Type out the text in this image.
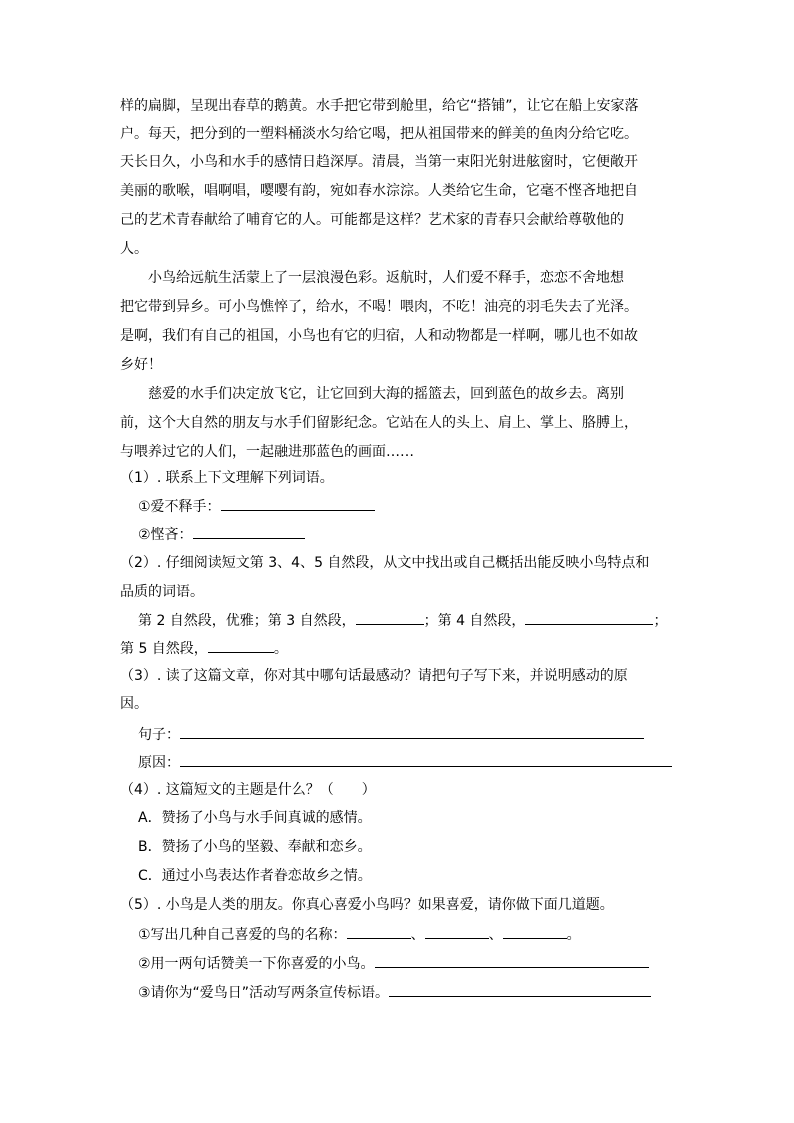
样的扁脚，呈现出春草的鹅黄。水手把它带到舱里，给它“搭铺”，让它在船上安家落
户。每天，把分到的一塑料桶淡水匀给它喝，把从祖国带来的鲜美的鱼肉分给它吃。
天长日久，小鸟和水手的感情日趋深厚。清晨，当第一束阳光射进舷窗时，它便敞开
美丽的歌喉，唱啊唱，嘤嘤有韵，宛如春水淙淙。人类给它生命，它毫不悭吝地把自
己的艺术青春献给了哺育它的人。可能都是这样？艺术家的青春只会献给尊敬他的
人。
小鸟给远航生活蒙上了一层浪漫色彩。返航时，人们爱不释手，恋恋不舍地想
把它带到异乡。可小鸟憔悴了，给水，不喝！喂肉，不吃！油亮的羽毛失去了光泽。
是啊，我们有自己的祖国，小鸟也有它的归宿，人和动物都是一样啊，哪儿也不如故
乡好！
慈爱的水手们决定放飞它，让它回到大海的摇篮去，回到蓝色的故乡去。离别
前，这个大自然的朋友与水手们留影纪念。它站在人的头上、肩上、掌上、胳膊上，
与喂养过它的人们，一起融进那蓝色的画面……
（1）. 联系上下文理解下列词语。
①爱不释手：
②悭吝：
（2）. 仔细阅读短文第 3、4、5 自然段，从文中找出或自己概括出能反映小鸟特点和
品质的词语。
第 2 自然段，优雅；第 3 自然段，	；第 4 自然段，	；
第 5 自然段，	。
（3）. 读了这篇文章，你对其中哪句话最感动？请把句子写下来，并说明感动的原
因。
句子：
原因：
（4）. 这篇短文的主题是什么？（　　）
A．赞扬了小鸟与水手间真诚的感情。
B．赞扬了小鸟的坚毅、奉献和恋乡。
C．通过小鸟表达作者眷恋故乡之情。
（5）. 小鸟是人类的朋友。你真心喜爱小鸟吗？如果喜爱，请你做下面几道题。
①写出几种自己喜爱的鸟的名称：	、	、	。
②用一两句话赞美一下你喜爱的小鸟。
③请你为“爱鸟日”活动写两条宣传标语。
